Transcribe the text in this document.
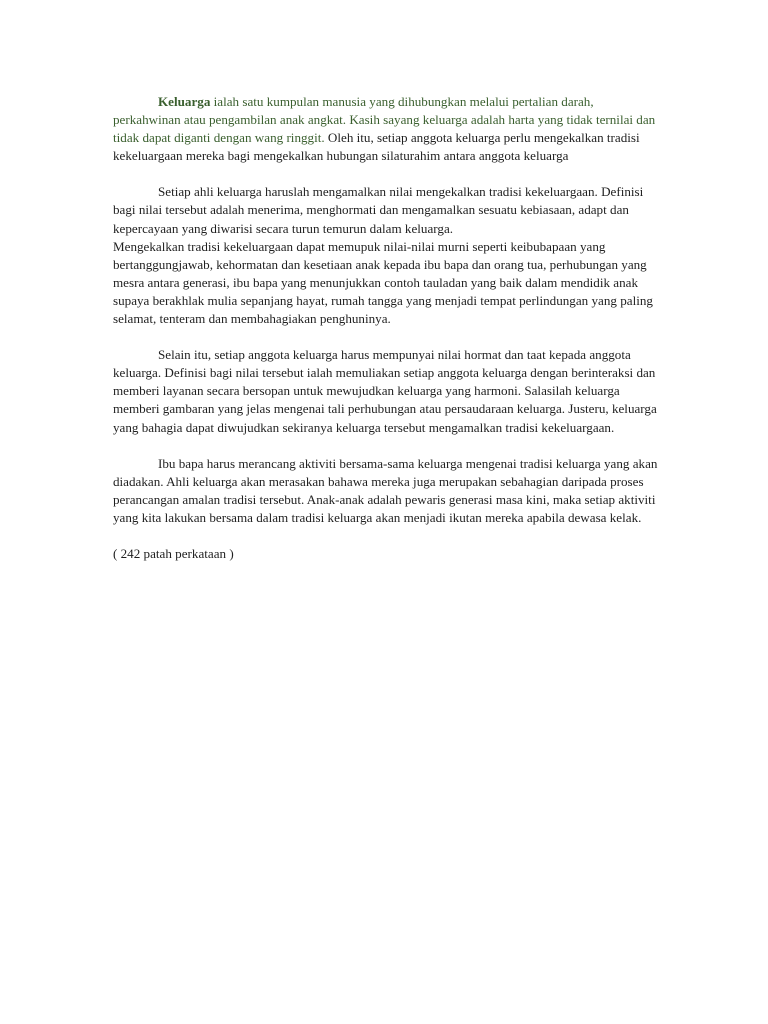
Keluarga ialah satu kumpulan manusia yang dihubungkan melalui pertalian darah, perkahwinan atau pengambilan anak angkat. Kasih sayang keluarga adalah harta yang tidak ternilai dan tidak dapat diganti dengan wang ringgit. Oleh itu, setiap anggota keluarga perlu mengekalkan tradisi kekeluargaan mereka bagi mengekalkan hubungan silaturahim antara anggota keluarga

Setiap ahli keluarga haruslah mengamalkan nilai mengekalkan tradisi kekeluargaan. Definisi bagi nilai tersebut adalah menerima, menghormati dan mengamalkan sesuatu kebiasaan, adapt dan kepercayaan yang diwarisi secara turun temurun dalam keluarga.

Mengekalkan tradisi kekeluargaan dapat memupuk nilai-nilai murni seperti keibubapaan yang bertanggungjawab, kehormatan dan kesetiaan anak kepada ibu bapa dan orang tua, perhubungan yang mesra antara generasi, ibu bapa yang menunjukkan contoh tauladan yang baik dalam mendidik anak supaya berakhlak mulia sepanjang hayat, rumah tangga yang menjadi tempat perlindungan yang paling selamat, tenteram dan membahagiakan penghuninya.

Selain itu, setiap anggota keluarga harus mempunyai nilai hormat dan taat kepada anggota keluarga. Definisi bagi nilai tersebut ialah memuliakan setiap anggota keluarga dengan berinteraksi dan memberi layanan secara bersopan untuk mewujudkan keluarga yang harmoni. Salasilah keluarga memberi gambaran yang jelas mengenai tali perhubungan atau persaudaraan keluarga. Justeru, keluarga yang bahagia dapat diwujudkan sekiranya keluarga tersebut mengamalkan tradisi kekeluargaan.

Ibu bapa harus merancang aktiviti bersama-sama keluarga mengenai tradisi keluarga yang akan diadakan. Ahli keluarga akan merasakan bahawa mereka juga merupakan sebahagian daripada proses perancangan amalan tradisi tersebut. Anak-anak adalah pewaris generasi masa kini, maka setiap aktiviti yang kita lakukan bersama dalam tradisi keluarga akan menjadi ikutan mereka apabila dewasa kelak.

( 242 patah perkataan )
